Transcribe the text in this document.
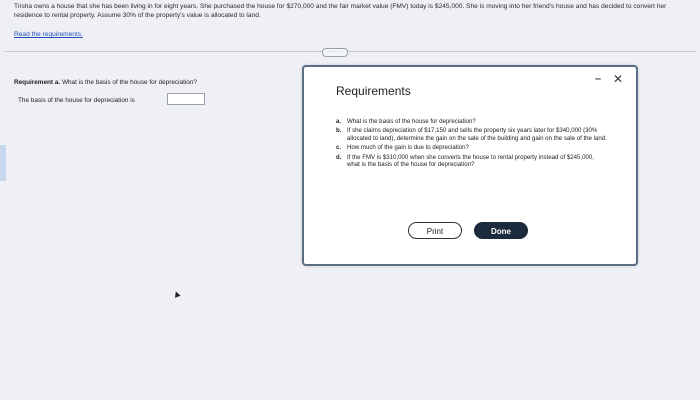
Trisha owns a house that she has been living in for eight years. She purchased the house for $270,000 and the fair market value (FMV) today is $245,000. She is moving into her friend's house and has decided to convert her residence to rental property. Assume 30% of the property's value is allocated to land.
Read the requirements.
· · · · ·
Requirement a. What is the basis of the house for depreciation?
The basis of the house for depreciation is
▲
Requirements
– ✕
a. What is the basis of the house for depreciation?
b. If she claims depreciation of $17,150 and sells the property six years later for $340,000 (30% allocated to land), determine the gain on the sale of the building and gain on the sale of the land.
c. How much of the gain is due to depreciation?
d. If the FMV is $310,000 when she converts the house to rental property instead of $245,000, what is the basis of the house for depreciation?
Print	Done
